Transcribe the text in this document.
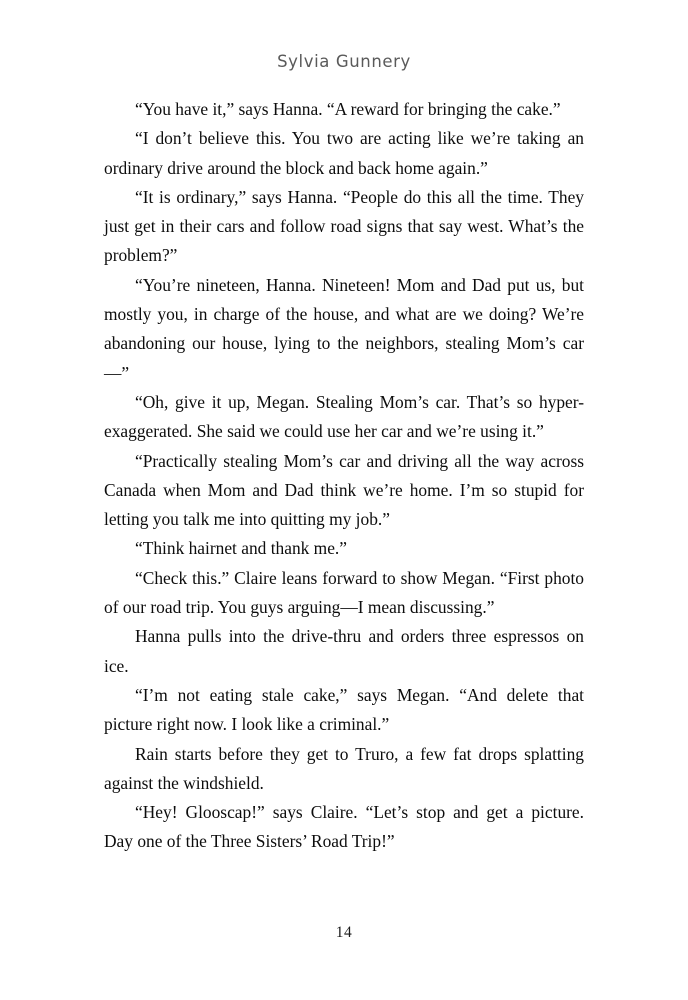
Sylvia Gunnery

“You have it,” says Hanna. “A reward for bringing the cake.”

“I don’t believe this. You two are acting like we’re taking an ordinary drive around the block and back home again.”

“It is ordinary,” says Hanna. “People do this all the time. They just get in their cars and follow road signs that say west. What’s the problem?”

“You’re nineteen, Hanna. Nineteen! Mom and Dad put us, but mostly you, in charge of the house, and what are we doing? We’re abandoning our house, lying to the neighbors, stealing Mom’s car—”

“Oh, give it up, Megan. Stealing Mom’s car. That’s so hyper-exaggerated. She said we could use her car and we’re using it.”

“Practically stealing Mom’s car and driving all the way across Canada when Mom and Dad think we’re home. I’m so stupid for letting you talk me into quitting my job.”

“Think hairnet and thank me.”

“Check this.” Claire leans forward to show Megan. “First photo of our road trip. You guys arguing—I mean discussing.”

Hanna pulls into the drive-thru and orders three espressos on ice.

“I’m not eating stale cake,” says Megan. “And delete that picture right now. I look like a criminal.”

Rain starts before they get to Truro, a few fat drops splatting against the windshield.

“Hey! Glooscap!” says Claire. “Let’s stop and get a picture. Day one of the Three Sisters’ Road Trip!”

14
